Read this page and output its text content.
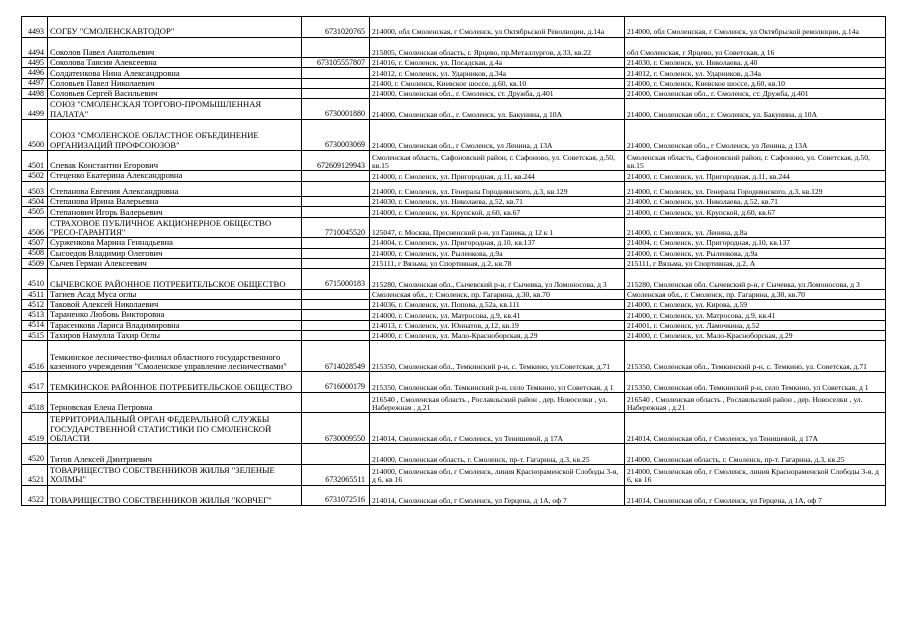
4493	СОГБУ "СМОЛЕНСКАВТОДОР"	6731020765	214000, обл Смоленская, г Смоленск, ул Октябрьской Революции, д.14а	214000, обл Смоленская, г Смоленск, ул Октябрьской революции, д.14а
4494	Соколов Павел Анатольевич		215805, Смоленская область, г. Ярцево, пр.Металлургов, д.33, кв.22	обл Смоленская, г Ярцево, ул Советская, д 16
4495	Соколова Таисия Алексеевна	673105557807	214016, г. Смоленск, ул. Посадская, д.4а	214030, г. Смоленск, ул. Николаева, д.40
4496	Солдатенкова Нина Александровна		214012, г. Смоленск, ул. Ударников, д.34а	214012, г. Смоленск, ул. Ударников, д.34а
4497	Соловьев Павел Николаевич		21400, г. Смоленск, Киевское шоссе, д.60, кв.10	214000, г. Смоленск, Киевское шоссе, д.60, кв.10
4498	Соловьев Сергей Васильевич		214000, Смоленская обл., г. Смоленск, ст. Дружба, д.401	214000, Смоленская обл., г. Смоленск, ст. Дружба, д.401
4499	СОЮЗ "СМОЛЕНСКАЯ ТОРГОВО-ПРОМЫШЛЕННАЯ ПАЛАТА"	6730001880	214000, Смоленская обл., г. Смоленск, ул. Бакунина, д 10А	214000, Смоленская обл., г. Смоленск, ул. Бакунина, д 10А
4500	СОЮЗ "СМОЛЕНСКОЕ ОБЛАСТНОЕ ОБЪЕДИНЕНИЕ ОРГАНИЗАЦИЙ ПРОФСОЮЗОВ"	6730003069	214000, Смоленская обл., г Смоленск, ул Ленина, д 13А	214000, Смоленская обл., г Смоленск, ул Ленина, д 13А
4501	Спевак Константин Егорович	672609129943	Смоленская область, Сафоновский район, г. Сафоново, ул. Советская, д.50, кв.15	Смоленская область, Сафоновский район, г. Сафоново, ул. Советская, д.50, кв.15
4502	Стеценко Екатерина Александровна		214000, г. Смоленск, ул. Пригородная, д.11, кв.244	214000, г. Смоленск, ул. Пригородная, д.11, кв.244
4503	Степанова Евгения Александровна		214000, г. Смоленск, ул. Генерала Городнянского, д.3, кв.129	214000, г. Смоленск, ул. Генерала Городнянского, д.3, кв.129
4504	Степанова Ирина Валерьевна		214030, г. Смоленск, ул. Николаева, д.52, кв.71	214000, г. Смоленск, ул. Николаева, д.52, кв.71
4505	Степанович Игорь Валерьевич		214000, г. Смоленск, ул. Крупской, д.60, кв.67	214000, г. Смоленск, ул. Крупской, д.60, кв.67
4506	СТРАХОВОЕ ПУБЛИЧНОЕ АКЦИОНЕРНОЕ ОБЩЕСТВО "РЕСО-ГАРАНТИЯ"	7710045520	125047, г. Москва, Пресненский р-н, ул Гашека, д 12 к 1	214000, г. Смоленск, ул. Ленина, д.8а
4507	Сурженкова Марина Геннадьевна		214004, г. Смоленск, ул. Пригородная, д.10, кв.137	214004, г. Смоленск, ул. Пригородная, д.10, кв.137
4508	Сысоедов Владимир Олегович		214000, г. Смоленск, ул. Рыленкова, д.9а	214000, г. Смоленск, ул. Рыленкова, д.9а
4509	Сычев Герман Алексеевич		215111, г Вязьма, ул Спортивная, д.2, кв.78	215111, г Вязьма, ул Спортивная, д.2, А
4510	СЫЧЕВСКОЕ РАЙОННОЕ ПОТРЕБИТЕЛЬСКОЕ ОБЩЕСТВО	6715000183	215280, Смоленская обл., Сычевский р-н, г Сычевка, ул Ломоносова, д 3	215280, Смоленская обл. Сычевский р-н, г Сычевка, ул Ломоносова, д 3
4511	Тагиев Асад Муса оглы		Смоленская обл., г. Смоленск, пр. Гагарина, д.30, кв.70	Смоленская обл., г. Смоленск, пр. Гагарина, д.30, кв.70
4512	Таковой Алексей Николаевич		214036, г. Смоленск, ул. Попова, д.52а, кв.111	214000, г. Смоленск, ул. Кирова, д.59
4513	Тараненко Любовь Викторовна		214000, г. Смоленск, ул. Матросова, д.9, кв.41	214000, г. Смоленск, ул. Матросова, д.9, кв.41
4514	Тарасенкова Лариса Владимировна		214013, г. Смоленск, ул. Юннатов, д.12, кв.19	214001, г. Смоленск, ул. Ламочкина, д.52
4515	Тахиров Намулла Тахир Оглы		214000, г. Смоленск, ул. Мало-Красноборская, д.29	214000, г. Смоленск, ул. Мало-Красноборская, д.29
4516	Темкинское лесничество-филиал областного государственного казенного учреждения "Смоленское управление лесничествами"	6714028549	215350, Смоленская обл., Темкинский р-н, с. Темкино, ул.Советская, д.71	215350, Смоленская обл., Темкинский р-н, с. Темкино, ул. Советская, д.71
4517	ТЕМКИНСКОЕ РАЙОННОЕ ПОТРЕБИТЕЛЬСКОЕ ОБЩЕСТВО	6716000179	215350, Смоленская обл. Темкинский р-н, село Темкино, ул Советская, д 1	215350, Смоленская обл. Темкинский р-н, село Темкино, ул Советская, д 1
4518	Терновская Елена Петровна		216540 , Смоленская область , Рославльский район , дер. Новоселки , ул. Набережная , д.21	216540 , Смоленская область , Рославльский район , дер. Новоселки , ул. Набережная , д.21
4519	ТЕРРИТОРИАЛЬНЫЙ ОРГАН ФЕДЕРАЛЬНОЙ СЛУЖБЫ ГОСУДАРСТВЕННОЙ СТАТИСТИКИ ПО СМОЛЕНСКОЙ ОБЛАСТИ	6730009550	214014, Смоленская обл, г Смоленск, ул Тенишевой, д 17А	214014, Смоленская обл, г Смоленск, ул Тенишевой, д 17А
4520	Титов Алексей Дмитриевич		214000, Смоленская область, г. Смоленск, пр-т. Гагарина, д.3, кв.25	214000, Смоленская область, г. Смоленск, пр-т. Гагарина, д.3, кв.25
4521	ТОВАРИЩЕСТВО СОБСТВЕННИКОВ ЖИЛЬЯ "ЗЕЛЕНЫЕ ХОЛМЫ"	6732065511	214000, Смоленская обл, г Смоленск, линия Краснораменской Слободы 3-я, д 6, кв 16	214000, Смоленская обл, г Смоленск, линия Краснораменской Слободы 3-я, д 6, кв 16
4522	ТОВАРИЩЕСТВО СОБСТВЕННИКОВ ЖИЛЬЯ "КОВЧЕГ"	6731072516	214014, Смоленская обл, г Смоленск, ул Герцена, д 1А, оф 7	214014, Смоленская обл, г Смоленск, ул Герцена, д 1А, оф 7
